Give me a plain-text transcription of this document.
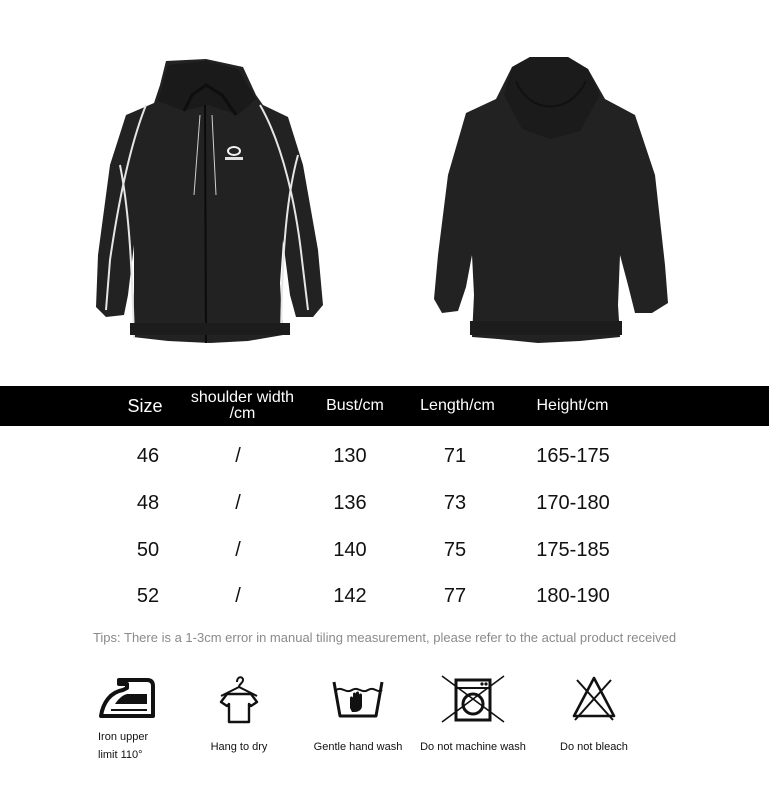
Size	shoulder width /cm	Bust/cm	Length/cm	Height/cm
46	/	130	71	165-175
48	/	136	73	170-180
50	/	140	75	175-185
52	/	142	77	180-190
Tips: There is a 1-3cm error in manual tiling measurement, please refer to the actual product received
Iron upper limit 110°
Hang to dry	Gentle hand wash	Do not machine wash	Do not bleach
